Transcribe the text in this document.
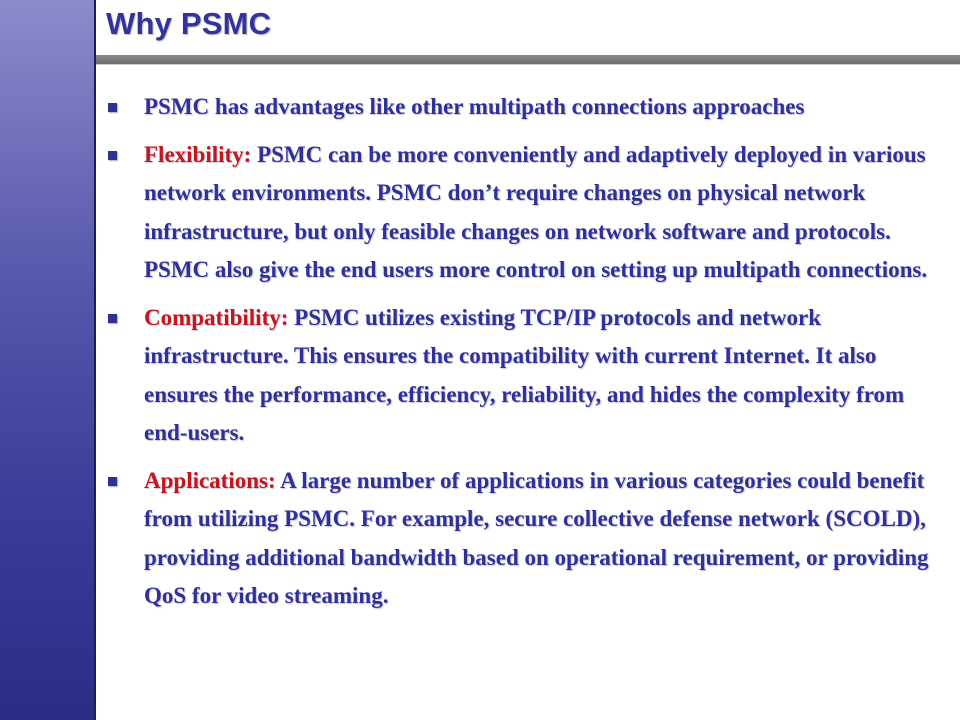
Why PSMC
PSMC has advantages like other multipath connections approaches
Flexibility: PSMC can be more conveniently and adaptively deployed in various network environments. PSMC don’t require changes on physical network infrastructure, but only feasible changes on network software and protocols. PSMC also give the end users more control on setting up multipath connections.
Compatibility: PSMC utilizes existing TCP/IP protocols and network infrastructure. This ensures the compatibility with current Internet. It also ensures the performance, efficiency, reliability, and hides the complexity from end-users.
Applications: A large number of applications in various categories could benefit from utilizing PSMC. For example, secure collective defense network (SCOLD), providing additional bandwidth based on operational requirement, or providing QoS for video streaming.
